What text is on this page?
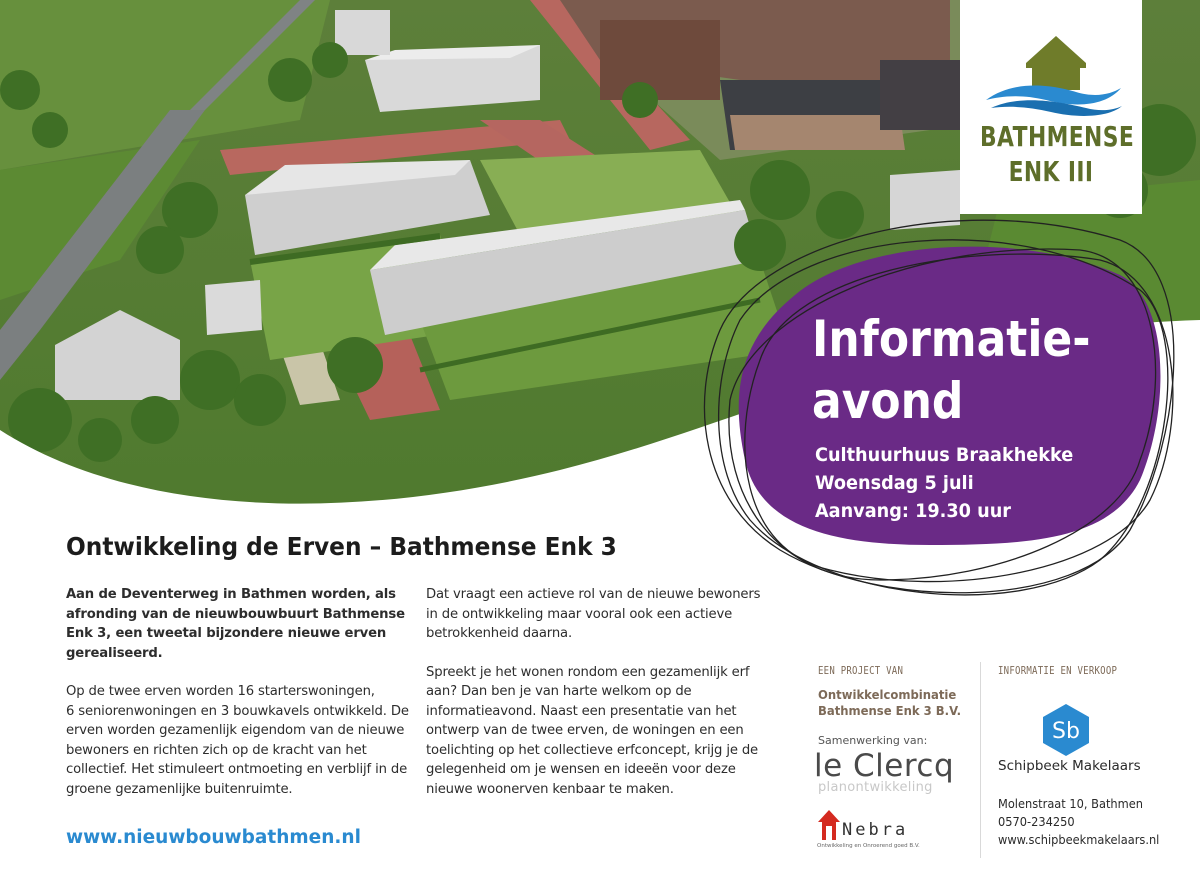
BATHMENSE
ENK III
Informatie-
avond
Culthuurhuus Braakhekke
Woensdag 5 juli
Aanvang: 19.30 uur
Ontwikkeling de Erven – Bathmense Enk 3

Aan de Deventerweg in Bathmen worden, als

afronding van de nieuwbouwbuurt Bathmense

Enk 3, een tweetal bijzondere nieuwe erven

gerealiseerd.

Op de twee erven worden 16 starterswoningen,

6 seniorenwoningen en 3 bouwkavels ontwikkeld. De

erven worden gezamenlijk eigendom van de nieuwe

bewoners en richten zich op de kracht van het

collectief. Het stimuleert ontmoeting en verblijf in de

groene gezamenlijke buitenruimte.

Dat vraagt een actieve rol van de nieuwe bewoners

in de ontwikkeling maar vooral ook een actieve

betrokkenheid daarna.

Spreekt je het wonen rondom een gezamenlijk erf

aan? Dan ben je van harte welkom op de

informatieavond. Naast een presentatie van het

ontwerp van de twee erven, de woningen en een

toelichting op het collectieve erfconcept, krijg je de

gelegenheid om je wensen en ideeën voor deze

nieuwe woonerven kenbaar te maken.

www.nieuwbouwbathmen.nl
EEN PROJECT VAN
Ontwikkelcombinatie
Bathmense Enk 3 B.V.
Samenwerking van:
le Clercq
planontwikkeling
Nebra
Ontwikkeling en Onroerend goed B.V.
INFORMATIE EN VERKOOP
Sb
Schipbeek Makelaars
Molenstraat 10, Bathmen
0570-234250
www.schipbeekmakelaars.nl
